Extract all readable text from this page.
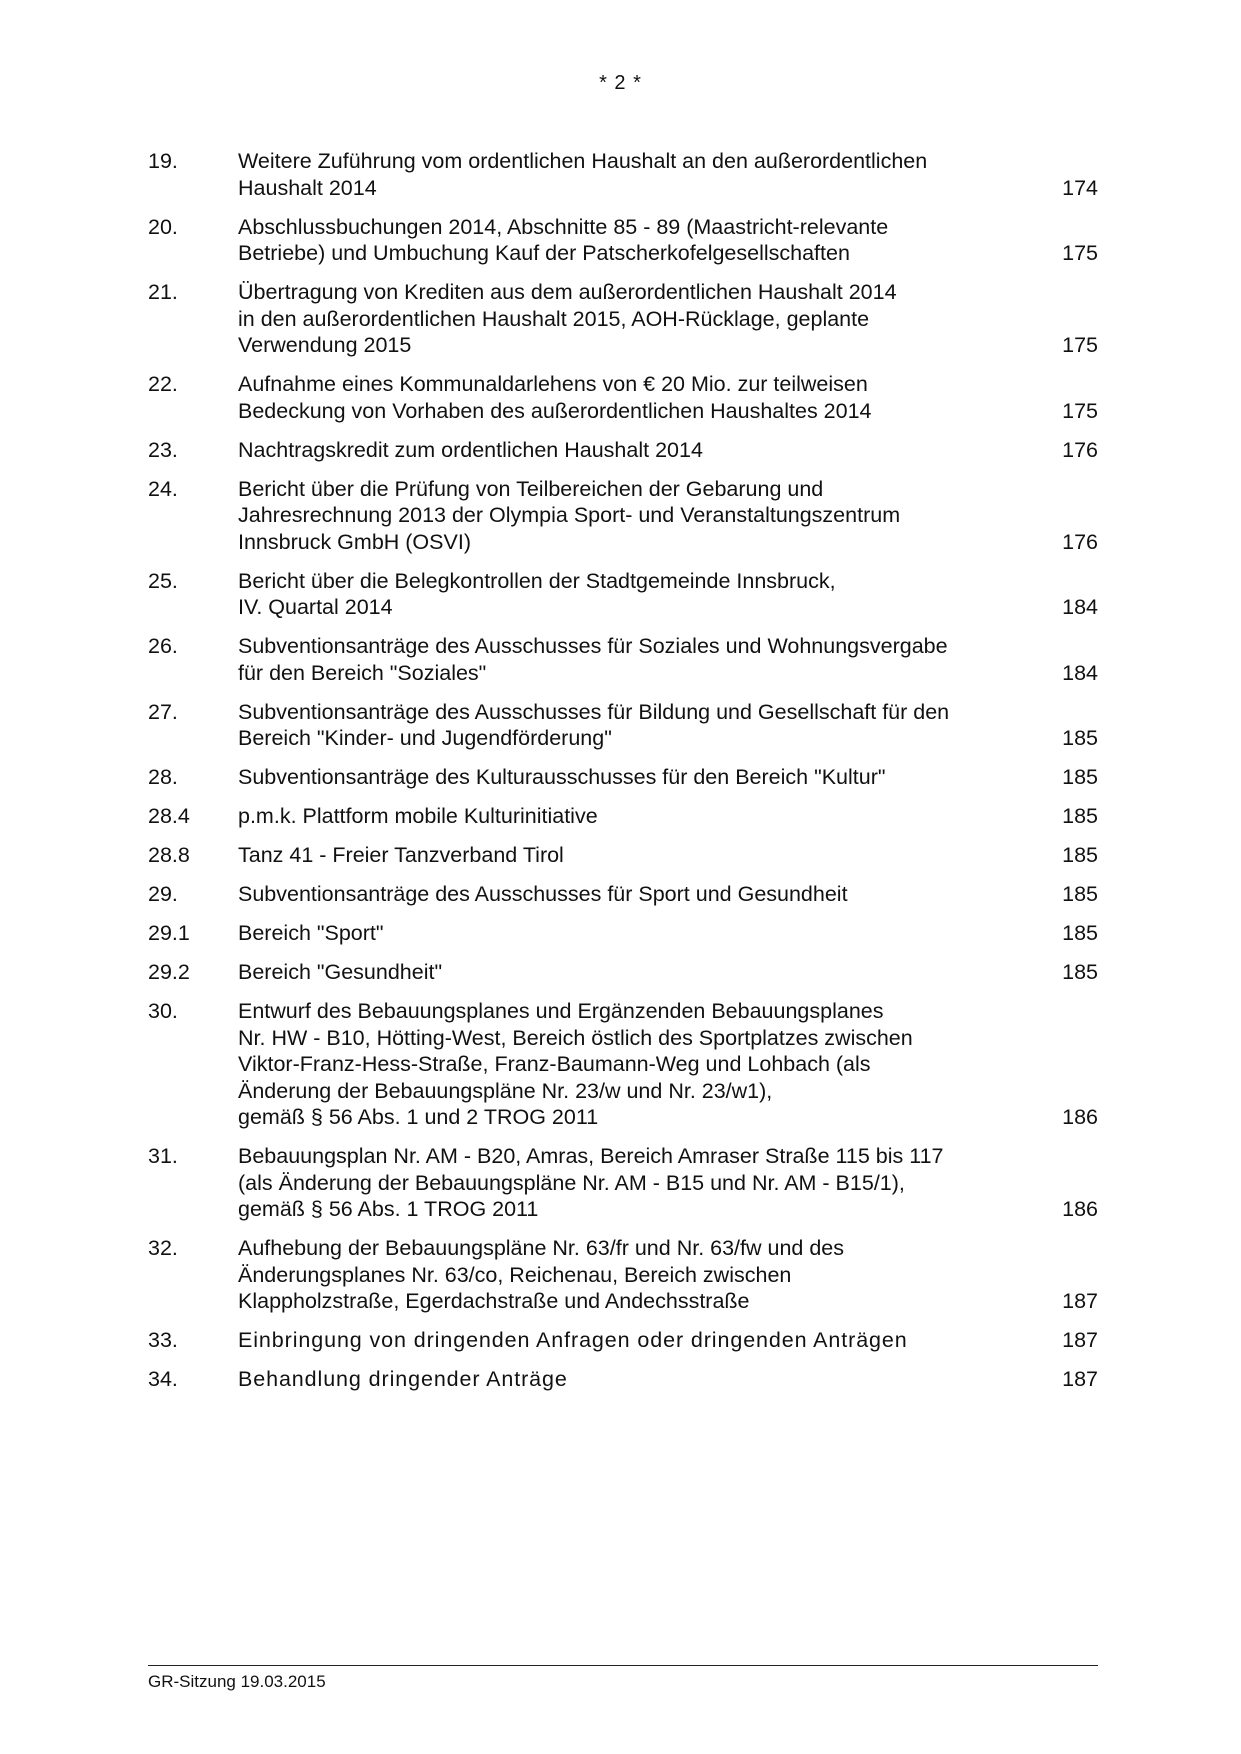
* 2 *
19.	Weitere Zuführung vom ordentlichen Haushalt an den außerordentlichen
Haushalt 2014	174
20.	Abschlussbuchungen 2014, Abschnitte 85 - 89 (Maastricht-relevante
Betriebe) und Umbuchung Kauf der Patscherkofelgesellschaften	175
21.	Übertragung von Krediten aus dem außerordentlichen Haushalt 2014
in den außerordentlichen Haushalt 2015, AOH-Rücklage, geplante
Verwendung 2015	175
22.	Aufnahme eines Kommunaldarlehens von € 20 Mio. zur teilweisen
Bedeckung von Vorhaben des außerordentlichen Haushaltes 2014	175
23.	Nachtragskredit zum ordentlichen Haushalt 2014	176
24.	Bericht über die Prüfung von Teilbereichen der Gebarung und
Jahresrechnung 2013 der Olympia Sport- und Veranstaltungszentrum
Innsbruck GmbH (OSVI)	176
25.	Bericht über die Belegkontrollen der Stadtgemeinde Innsbruck,
IV. Quartal 2014	184
26.	Subventionsanträge des Ausschusses für Soziales und Wohnungsvergabe
für den Bereich "Soziales"	184
27.	Subventionsanträge des Ausschusses für Bildung und Gesellschaft für den
Bereich "Kinder- und Jugendförderung"	185
28.	Subventionsanträge des Kulturausschusses für den Bereich "Kultur"	185
28.4	p.m.k. Plattform mobile Kulturinitiative	185
28.8	Tanz 41 - Freier Tanzverband Tirol	185
29.	Subventionsanträge des Ausschusses für Sport und Gesundheit	185
29.1	Bereich "Sport"	185
29.2	Bereich "Gesundheit"	185
30.	Entwurf des Bebauungsplanes und Ergänzenden Bebauungsplanes
Nr. HW - B10, Hötting-West, Bereich östlich des Sportplatzes zwischen
Viktor-Franz-Hess-Straße, Franz-Baumann-Weg und Lohbach (als
Änderung der Bebauungspläne Nr. 23/w und Nr. 23/w1),
gemäß § 56 Abs. 1 und 2 TROG 2011	186
31.	Bebauungsplan Nr. AM - B20, Amras, Bereich Amraser Straße 115 bis 117
(als Änderung der Bebauungspläne Nr. AM - B15 und Nr. AM - B15/1),
gemäß § 56 Abs. 1 TROG 2011	186
32.	Aufhebung der Bebauungspläne Nr. 63/fr und Nr. 63/fw und des
Änderungsplanes Nr. 63/co, Reichenau, Bereich zwischen
Klappholzstraße, Egerdachstraße und Andechsstraße	187
33.	Einbringung von dringenden Anfragen oder dringenden Anträgen	187
34.	Behandlung dringender Anträge	187
GR-Sitzung 19.03.2015
